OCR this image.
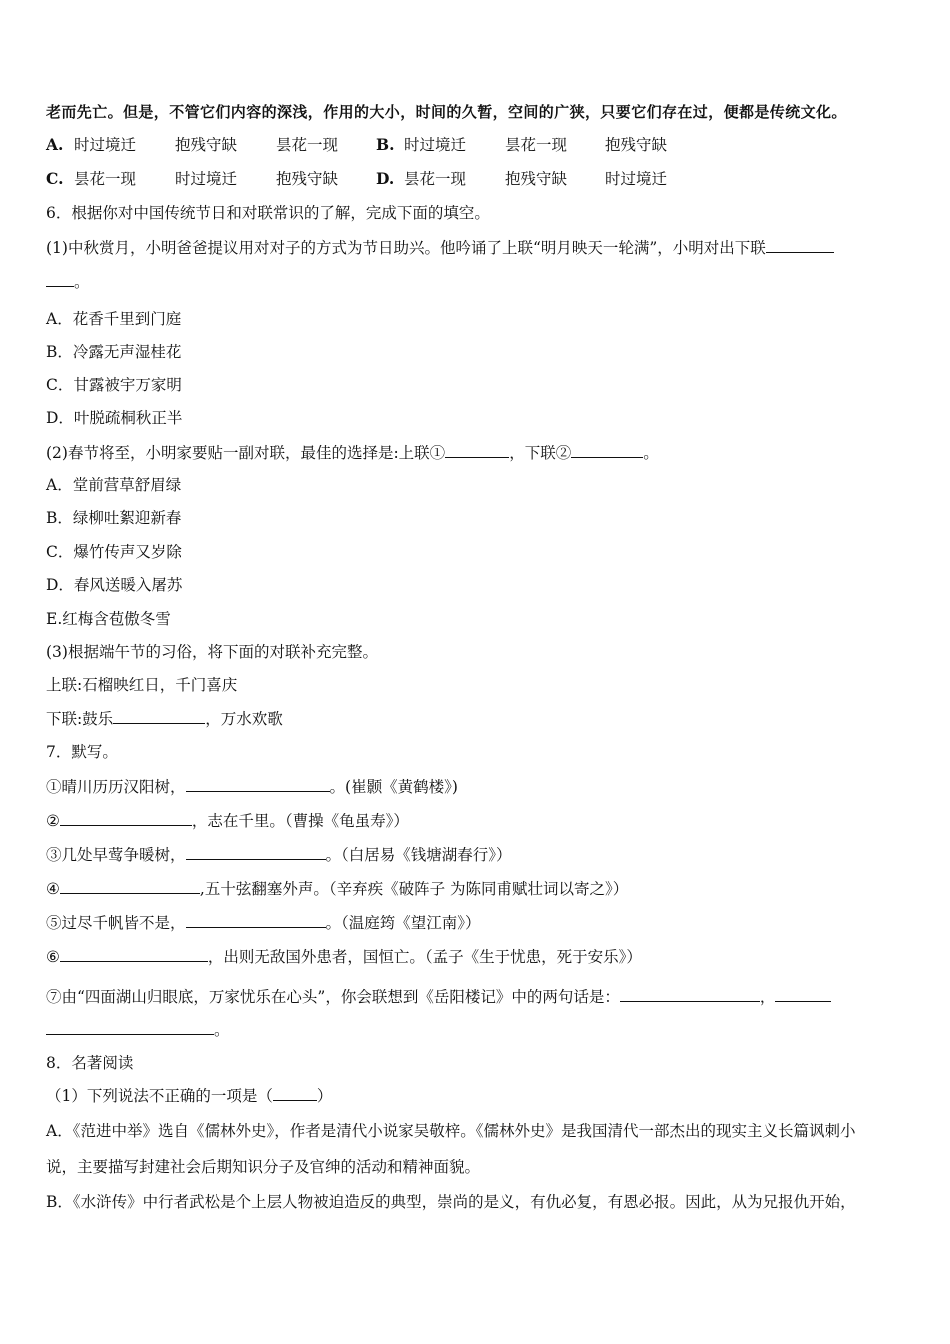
老而先亡。但是，不管它们内容的深浅，作用的大小，时间的久暂，空间的广狭，只要它们存在过，便都是传统文化。
A. 时过境迁	抱残守缺	昙花一现 B. 时过境迁	昙花一现 抱残守缺
C. 昙花一现	时过境迁	抱残守缺 D. 昙花一现	抱残守缺 时过境迁
6．根据你对中国传统节日和对联常识的了解，完成下面的填空。
(1)中秋赏月，小明爸爸提议用对对子的方式为节日助兴。他吟诵了上联“明月映天一轮满”，小明对出下联
。
A．花香千里到门庭
B．冷露无声湿桂花
C．甘露被宇万家明
D．叶脱疏桐秋正半
(2)春节将至，小明家要贴一副对联，最佳的选择是:上联①	，下联②	。
A．堂前营草舒眉绿
B．绿柳吐絮迎新春
C．爆竹传声又岁除
D．春风送暖入屠苏
E.红梅含苞傲冬雪
(3)根据端午节的习俗，将下面的对联补充完整。
上联:石榴映红日，千门喜庆
下联:鼓乐	，万水欢歌
7．默写。
①晴川历历汉阳树，	。(崔颢《黄鹤楼》)
②	，志在千里。（曹操《龟虽寿》）
③几处早莺争暖树，	。（白居易《钱塘湖春行》）
④	,五十弦翻塞外声。（辛弃疾《破阵子 为陈同甫赋壮词以寄之》）
⑤过尽千帆皆不是，	。（温庭筠《望江南》）
⑥	，出则无敌国外患者，国恒亡。（孟子《生于忧患，死于安乐》）
⑦由“四面湖山归眼底，万家忧乐在心头”，你会联想到《岳阳楼记》中的两句话是：	，
。
8．名著阅读
（1）下列说法不正确的一项是（	）
A．《范进中举》选自《儒林外史》，作者是清代小说家吴敬梓。《儒林外史》是我国清代一部杰出的现实主义长篇讽刺小
说，主要描写封建社会后期知识分子及官绅的活动和精神面貌。
B．《水浒传》中行者武松是个上层人物被迫造反的典型，崇尚的是义，有仇必复，有恩必报。因此，从为兄报仇开始，
